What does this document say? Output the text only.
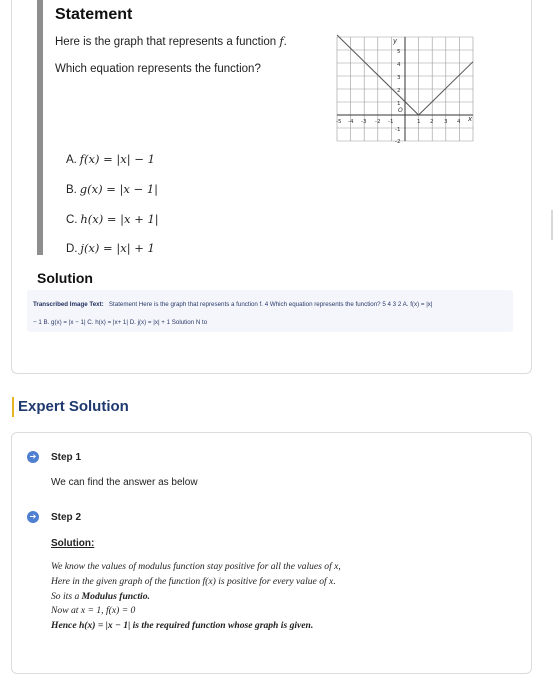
Statement
Here is the graph that represents a function f.
Which equation represents the function?
A. f(x) = |x| − 1
B. g(x) = |x − 1|
C. h(x) = |x + 1|
D. j(x) = |x| + 1
y
x
O
5
4
3
2
1
-1
-2
-5 -4 -3 -2 -1	1 2 3 4
Solution
Transcribed Image Text: Statement Here is the graph that represents a function f. 4 Which equation represents the function? 5 4 3 2 A. f(x) = |x|
− 1 B. g(x) = |x − 1| C. h(x) = |x+ 1| D. j(x) = |x| + 1 Solution N to
Expert Solution
➔ Step 1
We can find the answer as below
➔ Step 2
Solution:
We know the values of modulus function stay positive for all the values of x,
Here in the given graph of the function f(x) is positive for every value of x.
So its a Modulus functio.
Now at x = 1, f(x) = 0
Hence h(x) = |x − 1| is the required function whose graph is given.
